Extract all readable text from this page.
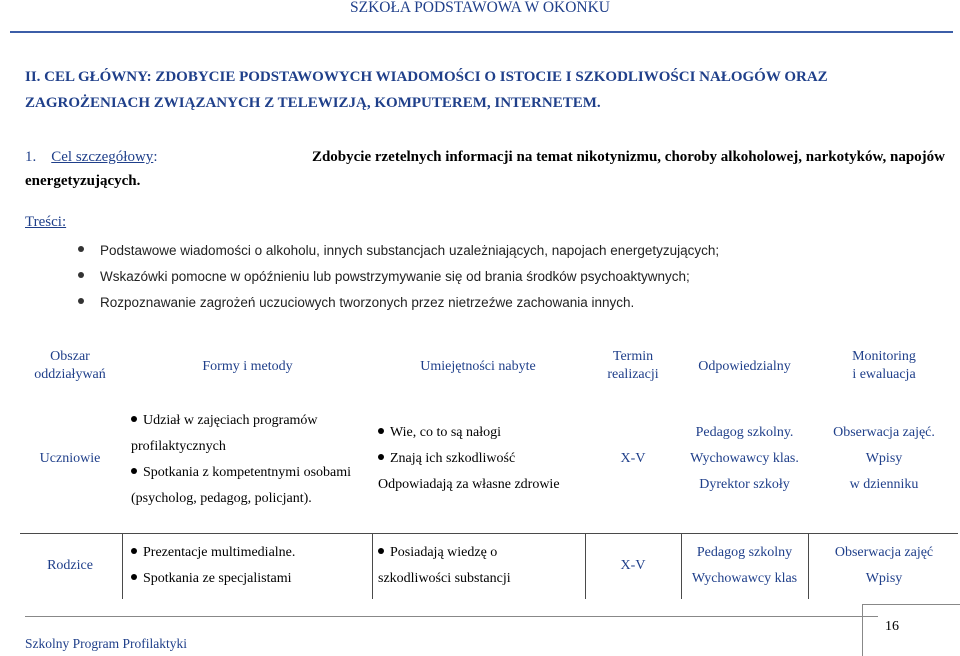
SZKOŁA PODSTAWOWA W OKONKU
II. CEL GŁÓWNY: ZDOBYCIE PODSTAWOWYCH WIADOMOŚCI O ISTOCIE I SZKODLIWOŚCI NAŁOGÓW ORAZ
ZAGROŻENIACH ZWIĄZANYCH Z TELEWIZJĄ, KOMPUTEREM, INTERNETEM.
1. Cel szczegółowy:	Zdobycie rzetelnych informacji na temat nikotynizmu, choroby alkoholowej, narkotyków, napojów
energetyzujących.
Treści:
Podstawowe wiadomości o alkoholu, innych substancjach uzależniających, napojach energetyzujących;
Wskazówki pomocne w opóźnieniu lub powstrzymywanie się od brania środków psychoaktywnych;
Rozpoznawanie zagrożeń uczuciowych tworzonych przez nietrzeźwe zachowania innych.
Obszar
oddziaływań
Formy i metody	Umiejętności nabyte
Termin
realizacji
Odpowiedzialny
Monitoring
i ewaluacja
Uczniowie
Udział w zajęciach programów
profilaktycznych
Spotkania z kompetentnymi osobami
(psycholog, pedagog, policjant).
Wie, co to są nałogi
Znają ich szkodliwość
Odpowiadają za własne zdrowie
X-V
Pedagog szkolny.
Wychowawcy klas.
Dyrektor szkoły
Obserwacja zajęć.
Wpisy
w dzienniku
Rodzice
Prezentacje multimedialne.
Spotkania ze specjalistami
Posiadają wiedzę o
szkodliwości substancji
X-V
Pedagog szkolny
Wychowawcy klas
Obserwacja zajęć
Wpisy
16
Szkolny Program Profilaktyki
